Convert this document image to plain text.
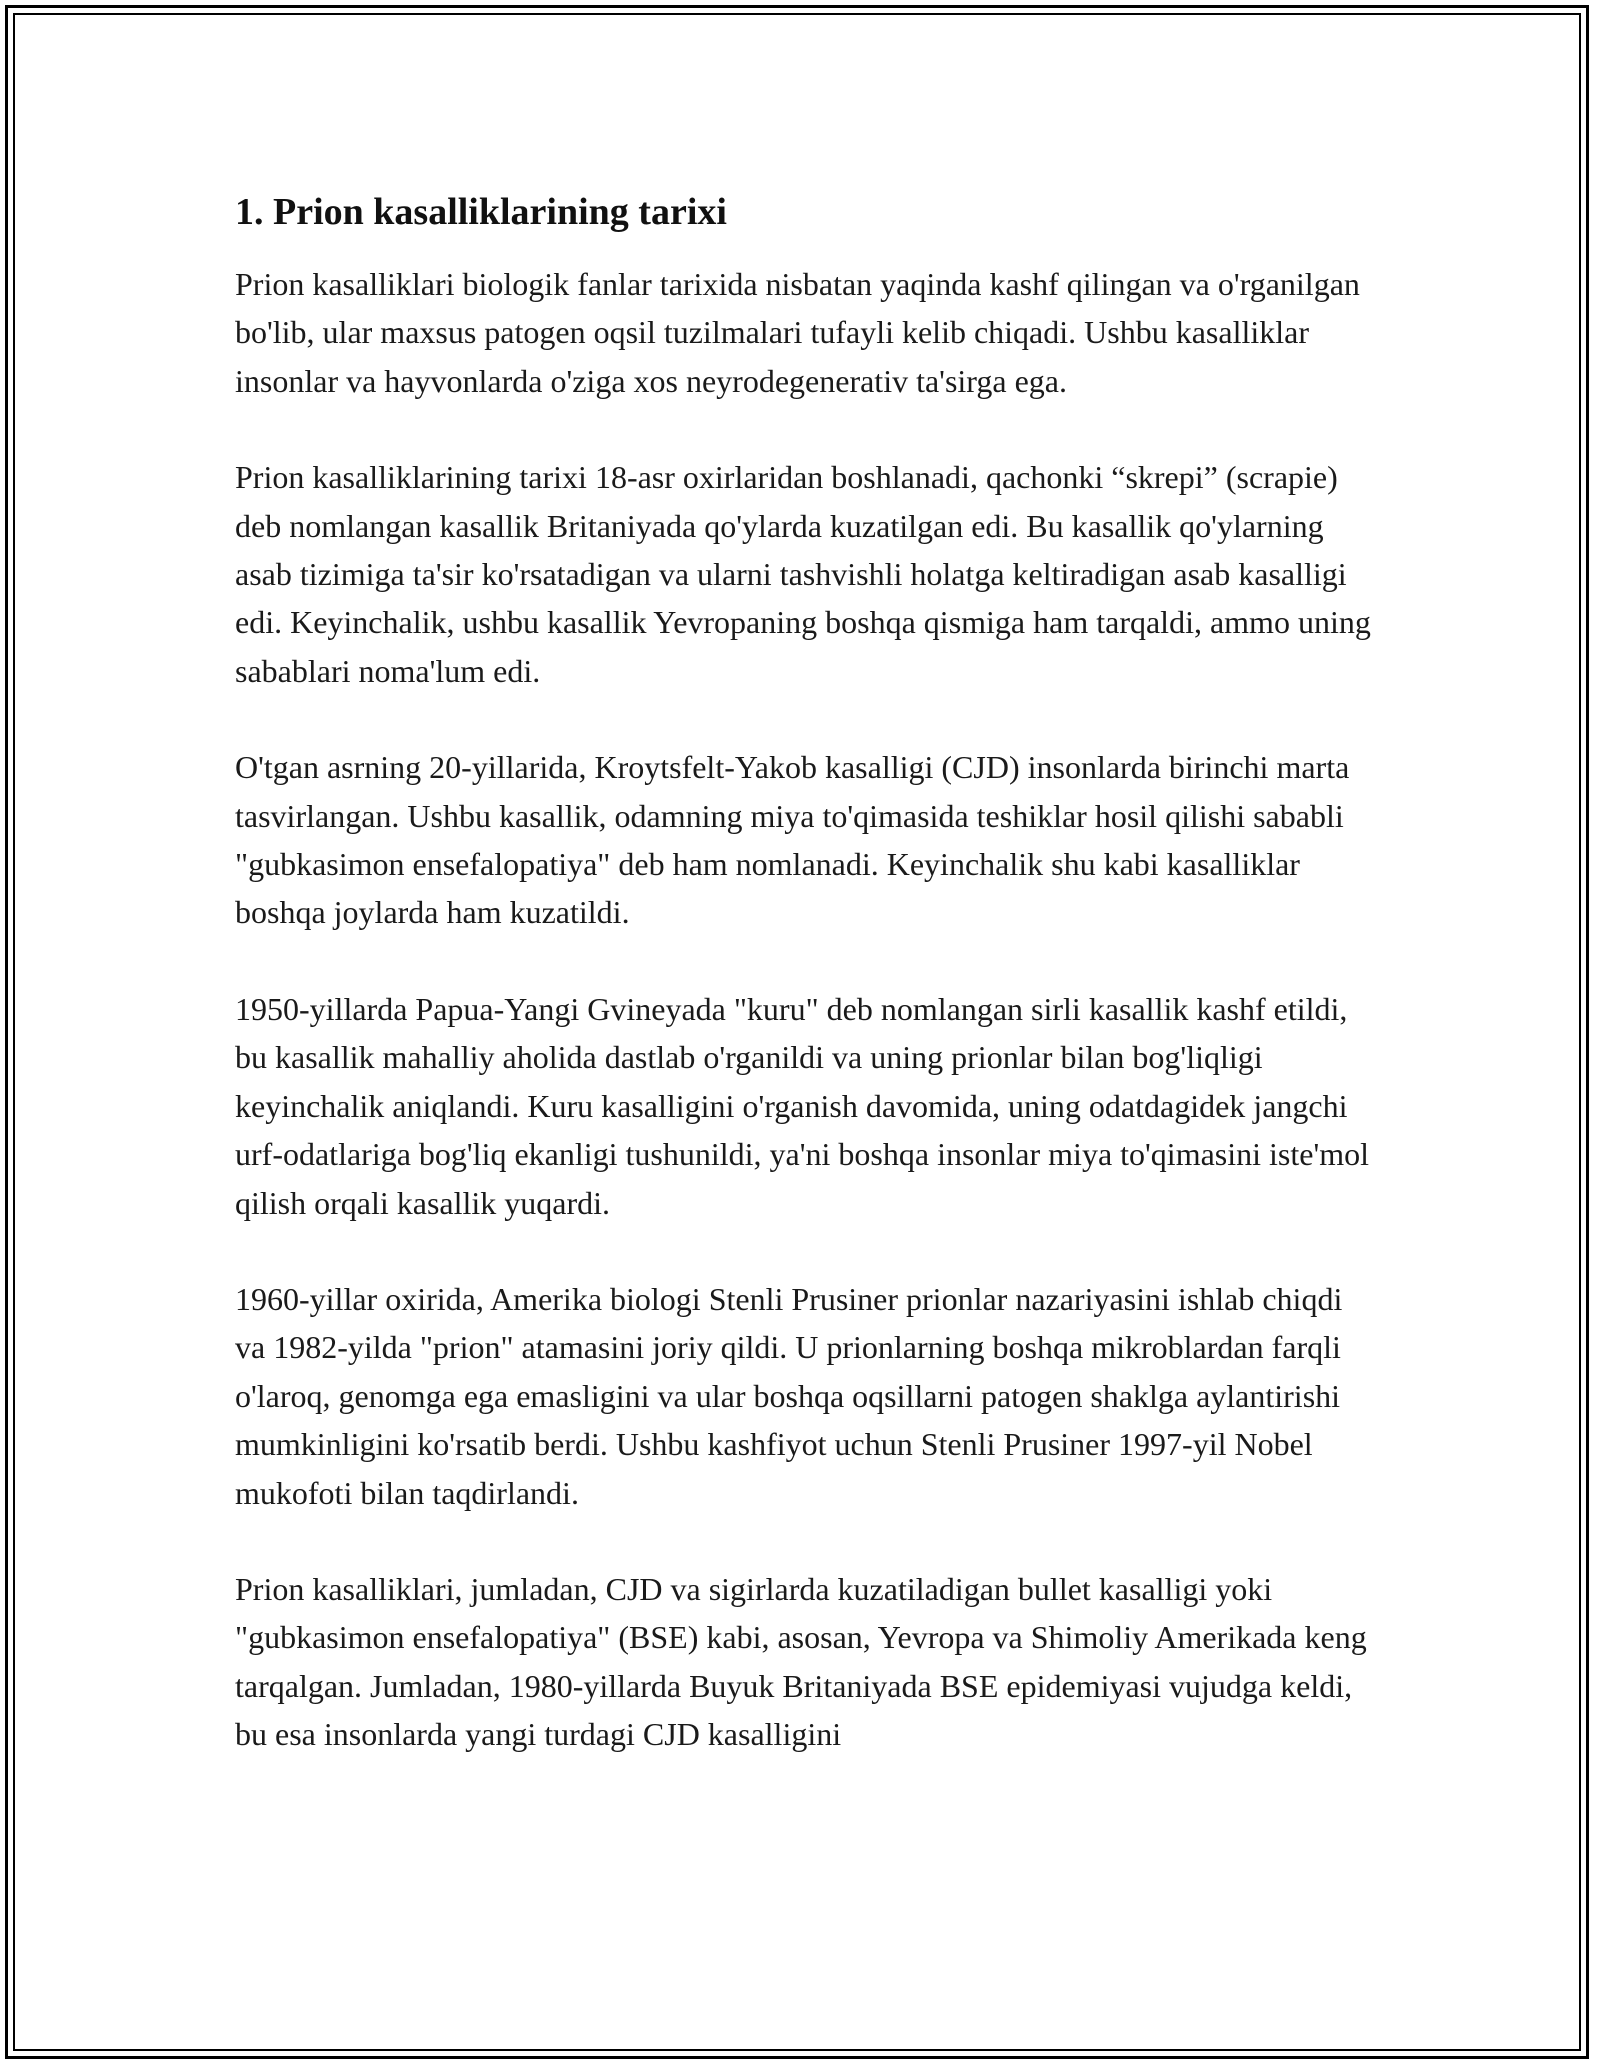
1. Prion kasalliklarining tarixi

Prion kasalliklari biologik fanlar tarixida nisbatan yaqinda kashf qilingan va o'rganilgan bo'lib, ular maxsus patogen oqsil tuzilmalari tufayli kelib chiqadi. Ushbu kasalliklar insonlar va hayvonlarda o'ziga xos neyrodegenerativ ta'sirga ega.

Prion kasalliklarining tarixi 18-asr oxirlaridan boshlanadi, qachonki “skrepi” (scrapie) deb nomlangan kasallik Britaniyada qo'ylarda kuzatilgan edi. Bu kasallik qo'ylarning asab tizimiga ta'sir ko'rsatadigan va ularni tashvishli holatga keltiradigan asab kasalligi edi. Keyinchalik, ushbu kasallik Yevropaning boshqa qismiga ham tarqaldi, ammo uning sabablari noma'lum edi.

O'tgan asrning 20-yillarida, Kroytsfelt-Yakob kasalligi (CJD) insonlarda birinchi marta tasvirlangan. Ushbu kasallik, odamning miya to'qimasida teshiklar hosil qilishi sababli "gubkasimon ensefalopatiya" deb ham nomlanadi. Keyinchalik shu kabi kasalliklar boshqa joylarda ham kuzatildi.

1950-yillarda Papua-Yangi Gvineyada "kuru" deb nomlangan sirli kasallik kashf etildi, bu kasallik mahalliy aholida dastlab o'rganildi va uning prionlar bilan bog'liqligi keyinchalik aniqlandi. Kuru kasalligini o'rganish davomida, uning odatdagidek jangchi urf-odatlariga bog'liq ekanligi tushunildi, ya'ni boshqa insonlar miya to'qimasini iste'mol qilish orqali kasallik yuqardi.

1960-yillar oxirida, Amerika biologi Stenli Prusiner prionlar nazariyasini ishlab chiqdi va 1982-yilda "prion" atamasini joriy qildi. U prionlarning boshqa mikroblardan farqli o'laroq, genomga ega emasligini va ular boshqa oqsillarni patogen shaklga aylantirishi mumkinligini ko'rsatib berdi. Ushbu kashfiyot uchun Stenli Prusiner 1997-yil Nobel mukofoti bilan taqdirlandi.

Prion kasalliklari, jumladan, CJD va sigirlarda kuzatiladigan bullet kasalligi yoki "gubkasimon ensefalopatiya" (BSE) kabi, asosan, Yevropa va Shimoliy Amerikada keng tarqalgan. Jumladan, 1980-yillarda Buyuk Britaniyada BSE epidemiyasi vujudga keldi, bu esa insonlarda yangi turdagi CJD kasalligini
